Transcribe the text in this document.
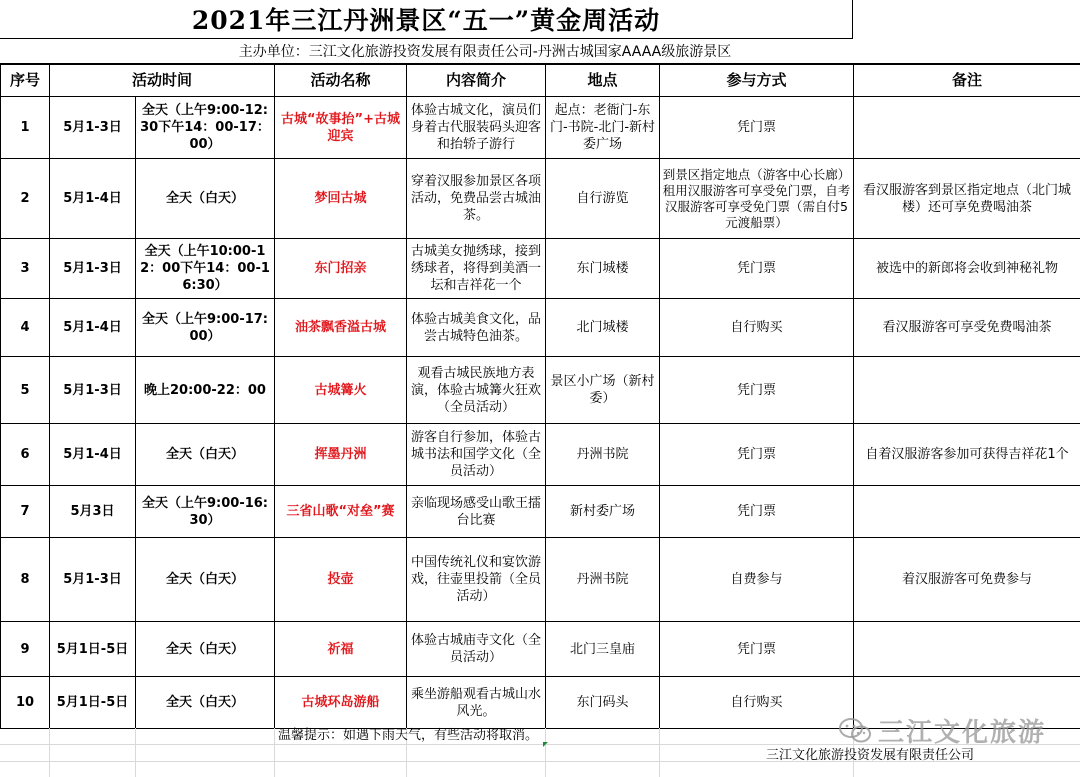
2021年三江丹洲景区“五一”黄金周活动
主办单位：三江文化旅游投资发展有限责任公司-丹洲古城国家AAAA级旅游景区
序号	活动时间		活动名称	内容简介	地点	参与方式	备注
1	5月1-3日	全天（上午9:00-12:30下午14：00-17：00）	古城“故事抬”+古城迎宾	体验古城文化，演员们身着古代服装码头迎客和抬轿子游行	起点：老衙门-东门-书院-北门-新村委广场	凭门票	
2	5月1-4日	全天（白天）	梦回古城	穿着汉服参加景区各项活动，免费品尝古城油茶。	自行游览	到景区指定地点（游客中心长廊）租用汉服游客可享受免门票，自考汉服游客可享受免门票（需自付5元渡船票）	看汉服游客到景区指定地点（北门城楼）还可享免费喝油茶
3	5月1-3日	全天（上午10:00-12：00下午14：00-16:30）	东门招亲	古城美女抛绣球，接到绣球者，将得到美酒一坛和吉祥花一个	东门城楼	凭门票	被选中的新郎将会收到神秘礼物
4	5月1-4日	全天（上午9:00-17:00）	油茶飘香溢古城	体验古城美食文化，品尝古城特色油茶。	北门城楼	自行购买	看汉服游客可享受免费喝油茶
5	5月1-3日	晚上20:00-22：00	古城篝火	观看古城民族地方表演，体验古城篝火狂欢（全员活动）	景区小广场（新村委）	凭门票	
6	5月1-4日	全天（白天）	挥墨丹洲	游客自行参加，体验古城书法和国学文化（全员活动）	丹洲书院	凭门票	自着汉服游客参加可获得吉祥花1个
7	5月3日	全天（上午9:00-16:30）	三省山歌“对垒”赛	亲临现场感受山歌王擂台比赛	新村委广场	凭门票	
8	5月1-3日	全天（白天）	投壶	中国传统礼仪和宴饮游戏，往壶里投箭（全员活动）	丹洲书院	自费参与	着汉服游客可免费参与
9	5月1日-5日	全天（白天）	祈福	体验古城庙寺文化（全员活动）	北门三皇庙	凭门票	
10	5月1日-5日	全天（白天）	古城环岛游船	乘坐游船观看古城山水风光。	东门码头	自行购买	
温馨提示：如遇下雨天气，有些活动将取消。
三江文化旅游投资发展有限责任公司
三江文化旅游
